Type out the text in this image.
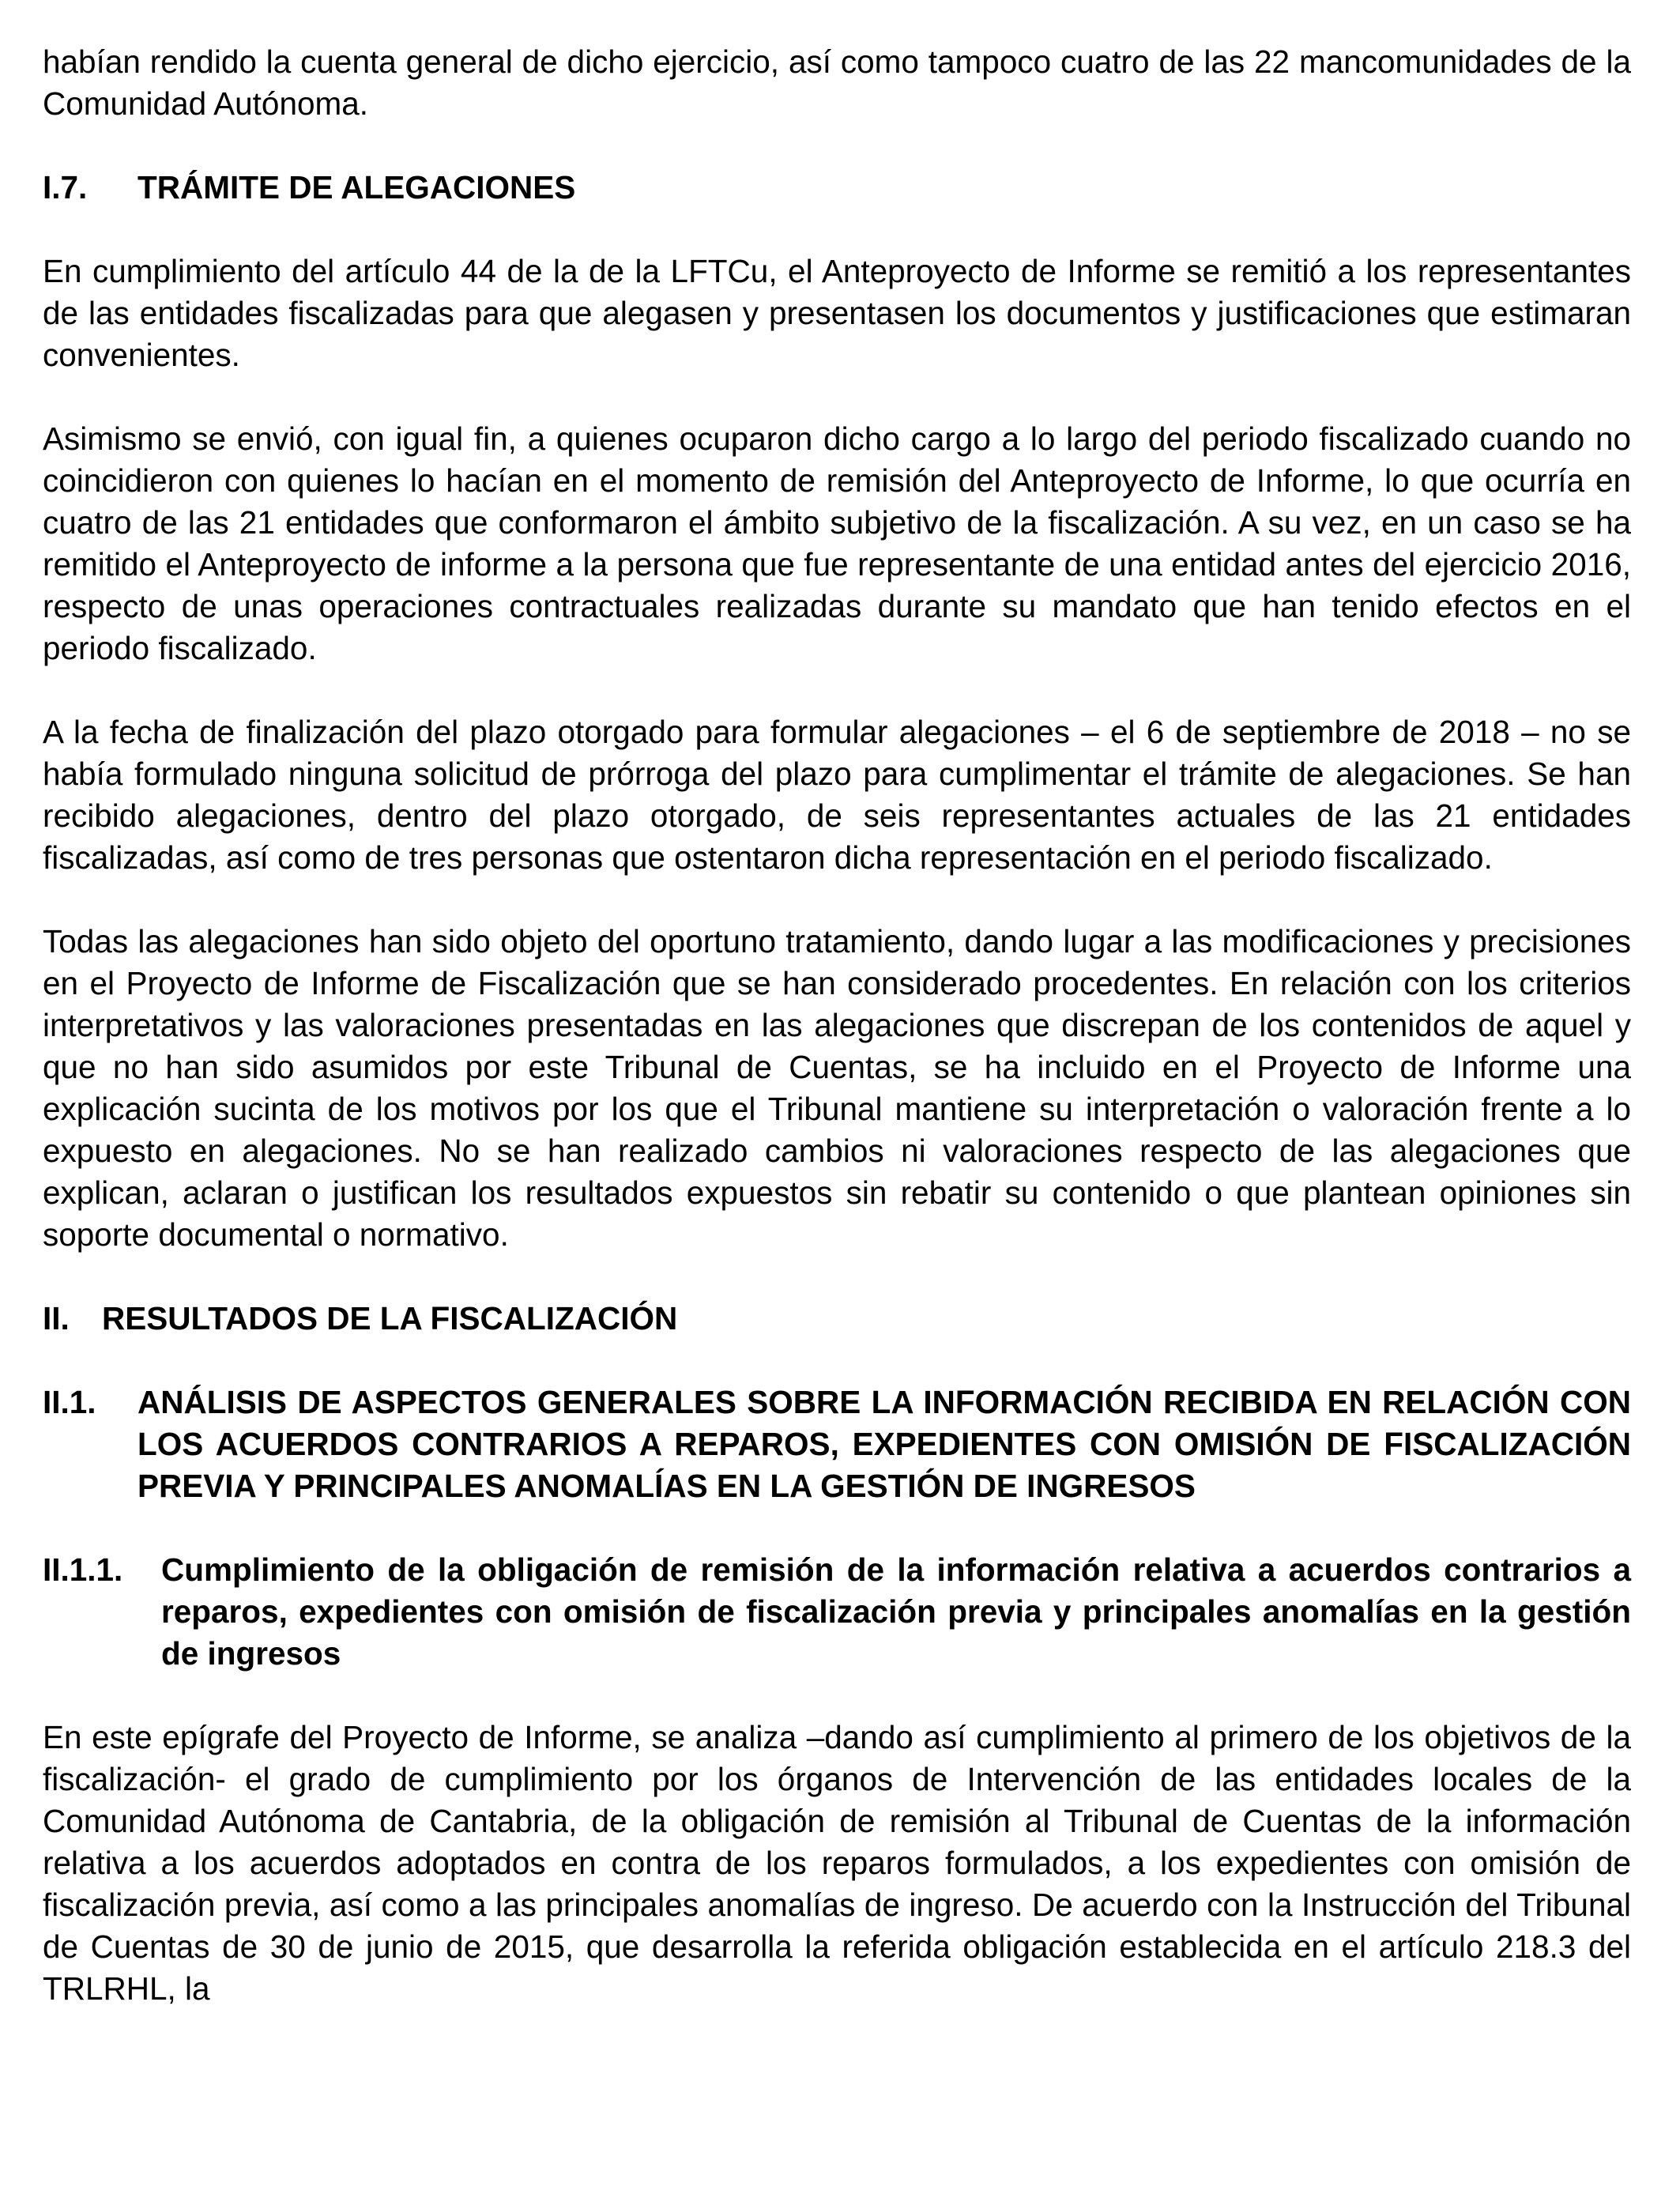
habían rendido la cuenta general de dicho ejercicio, así como tampoco cuatro de las 22 mancomunidades de la Comunidad Autónoma.

I.7.	TRÁMITE DE ALEGACIONES

En cumplimiento del artículo 44 de la de la LFTCu, el Anteproyecto de Informe se remitió a los representantes de las entidades fiscalizadas para que alegasen y presentasen los documentos y justificaciones que estimaran convenientes.

Asimismo se envió, con igual fin, a quienes ocuparon dicho cargo a lo largo del periodo fiscalizado cuando no coincidieron con quienes lo hacían en el momento de remisión del Anteproyecto de Informe, lo que ocurría en cuatro de las 21 entidades que conformaron el ámbito subjetivo de la fiscalización. A su vez, en un caso se ha remitido el Anteproyecto de informe a la persona que fue representante de una entidad antes del ejercicio 2016, respecto de unas operaciones contractuales realizadas durante su mandato que han tenido efectos en el periodo fiscalizado.

A la fecha de finalización del plazo otorgado para formular alegaciones – el 6 de septiembre de 2018 – no se había formulado ninguna solicitud de prórroga del plazo para cumplimentar el trámite de alegaciones. Se han recibido alegaciones, dentro del plazo otorgado, de seis representantes actuales de las 21 entidades fiscalizadas, así como de tres personas que ostentaron dicha representación en el periodo fiscalizado.

Todas las alegaciones han sido objeto del oportuno tratamiento, dando lugar a las modificaciones y precisiones en el Proyecto de Informe de Fiscalización que se han considerado procedentes. En relación con los criterios interpretativos y las valoraciones presentadas en las alegaciones que discrepan de los contenidos de aquel y que no han sido asumidos por este Tribunal de Cuentas, se ha incluido en el Proyecto de Informe una explicación sucinta de los motivos por los que el Tribunal mantiene su interpretación o valoración frente a lo expuesto en alegaciones. No se han realizado cambios ni valoraciones respecto de las alegaciones que explican, aclaran o justifican los resultados expuestos sin rebatir su contenido o que plantean opiniones sin soporte documental o normativo.

II.	RESULTADOS DE LA FISCALIZACIÓN
II.1.	ANÁLISIS DE ASPECTOS GENERALES SOBRE LA INFORMACIÓN RECIBIDA EN RELACIÓN CON LOS ACUERDOS CONTRARIOS A REPAROS, EXPEDIENTES CON OMISIÓN DE FISCALIZACIÓN PREVIA Y PRINCIPALES ANOMALÍAS EN LA GESTIÓN DE INGRESOS
II.1.1.	Cumplimiento de la obligación de remisión de la información relativa a acuerdos contrarios a reparos, expedientes con omisión de fiscalización previa y principales anomalías en la gestión de ingresos

En este epígrafe del Proyecto de Informe, se analiza –dando así cumplimiento al primero de los objetivos de la fiscalización- el grado de cumplimiento por los órganos de Intervención de las entidades locales de la Comunidad Autónoma de Cantabria, de la obligación de remisión al Tribunal de Cuentas de la información relativa a los acuerdos adoptados en contra de los reparos formulados, a los expedientes con omisión de fiscalización previa, así como a las principales anomalías de ingreso. De acuerdo con la Instrucción del Tribunal de Cuentas de 30 de junio de 2015, que desarrolla la referida obligación establecida en el artículo 218.3 del TRLRHL, la
